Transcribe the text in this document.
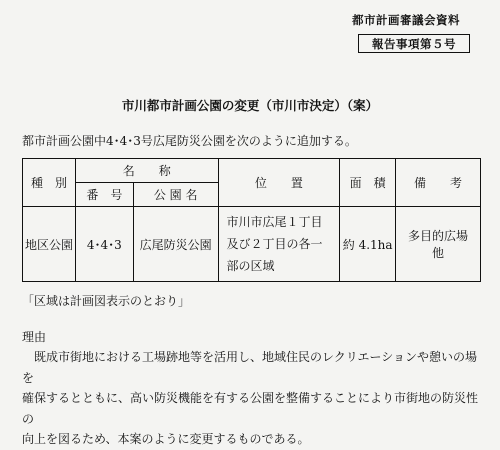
都市計画審議会資料
報告事項第５号
市川都市計画公園の変更（市川市決定）（案）
都市計画公園中4･4･3号広尾防災公園を次のように追加する。
種　別	名　　称		位　　置	面　積	備　　考
	番　号	公 園 名			
地区公園	4･4･3	広尾防災公園	市川市広尾１丁目
及び２丁目の各一
部の区域	約 4.1ha	多目的広場　他
「区域は計画図表示のとおり」
理由

　既成市街地における工場跡地等を活用し、地域住民のレクリエーションや憩いの場を

確保するとともに、高い防災機能を有する公園を整備することにより市街地の防災性の

向上を図るため、本案のように変更するものである。
